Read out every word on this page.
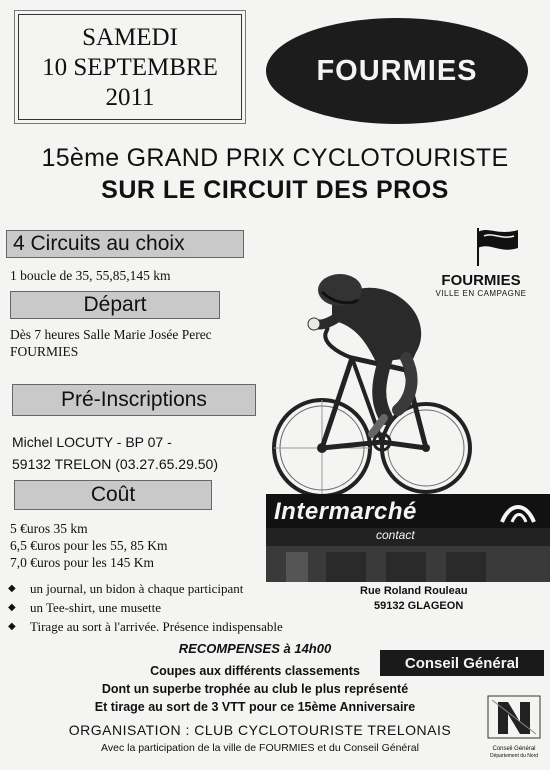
SAMEDI
10 SEPTEMBRE
2011
FOURMIES
15ème GRAND PRIX CYCLOTOURISTE
SUR LE CIRCUIT DES PROS
4 Circuits au choix
1 boucle de 35, 55,85,145 km
Départ
Dès 7 heures Salle Marie Josée Perec
FOURMIES
Pré-Inscriptions
Michel LOCUTY - BP 07 -
59132 TRELON (03.27.65.29.50)
Coût
5 €uros 35 km
6,5 €uros pour les 55, 85 Km
7,0 €uros pour les 145 Km
◆ un journal, un bidon à chaque participant
◆ un Tee-shirt, une musette
◆ Tirage au sort à l'arrivée. Présence indispensable
FOURMIES
VILLE EN CAMPAGNE
Intermarché
contact
Rue Roland Rouleau
59132 GLAGEON
Conseil Général
RECOMPENSES à 14h00
Coupes aux différents classements
Dont un superbe trophée au club le plus représenté
Et tirage au sort de 3 VTT pour ce 15ème Anniversaire
ORGANISATION : CLUB CYCLOTOURISTE TRELONAIS
Avec la participation de la ville de FOURMIES et du Conseil Général	Conseil Général
Département du Nord
